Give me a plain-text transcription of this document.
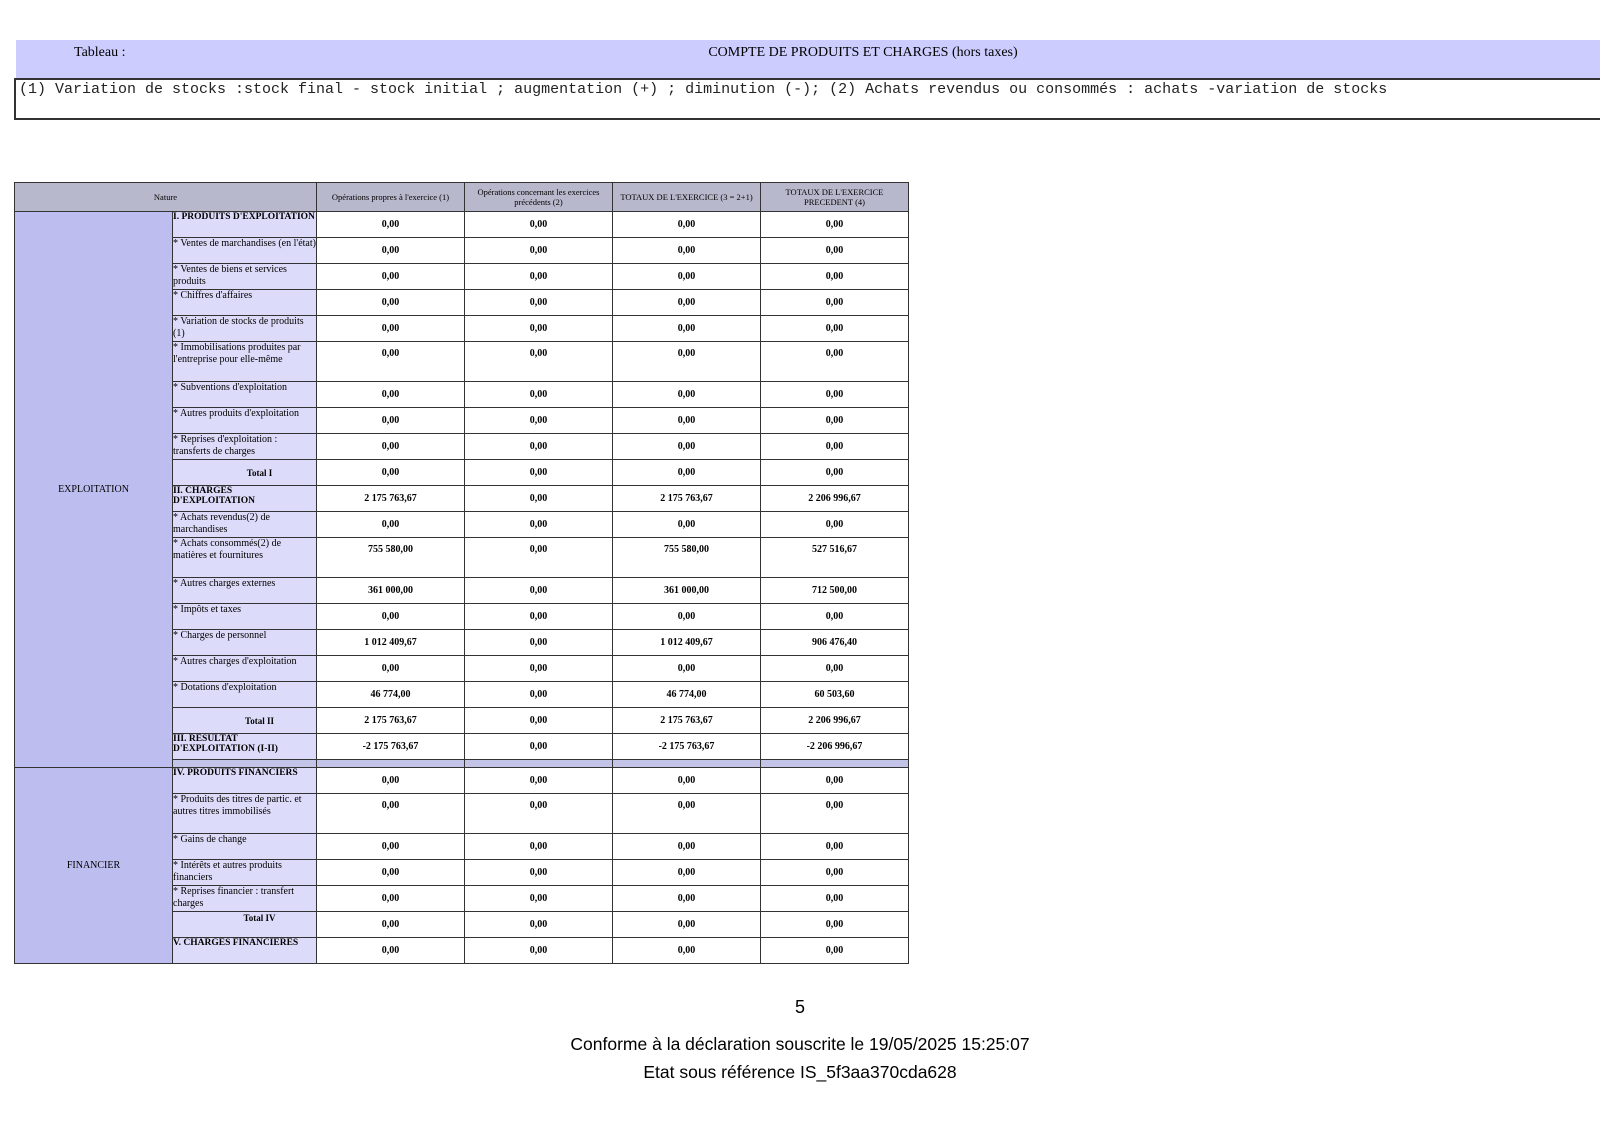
Tableau :	COMPTE DE PRODUITS ET CHARGES (hors taxes)
(1) Variation de stocks :stock final - stock initial ; augmentation (+) ; diminution (-); (2) Achats revendus ou consommés : achats -variation de stocks
Nature		Opérations propres à l'exercice (1)	Opérations concernant les exercices précédents (2)	TOTAUX DE L'EXERCICE (3 = 2+1)	TOTAUX DE L'EXERCICE PRECEDENT (4)
EXPLOITATION	I. PRODUITS D'EXPLOITATION	0,00	0,00	0,00	0,00
	* Ventes de marchandises (en l'état)	0,00	0,00	0,00	0,00
	* Ventes de biens et services produits	0,00	0,00	0,00	0,00
	* Chiffres d'affaires	0,00	0,00	0,00	0,00
	* Variation de stocks de produits (1)	0,00	0,00	0,00	0,00
	* Immobilisations produites par l'entreprise pour elle-même	0,00	0,00	0,00	0,00
	* Subventions d'exploitation	0,00	0,00	0,00	0,00
	* Autres produits d'exploitation	0,00	0,00	0,00	0,00
	* Reprises d'exploitation : transferts de charges	0,00	0,00	0,00	0,00
	Total I	0,00	0,00	0,00	0,00
	II. CHARGES D'EXPLOITATION	2 175 763,67	0,00	2 175 763,67	2 206 996,67
	* Achats revendus(2) de marchandises	0,00	0,00	0,00	0,00
	* Achats consommés(2) de matières et fournitures	755 580,00	0,00	755 580,00	527 516,67
	* Autres charges externes	361 000,00	0,00	361 000,00	712 500,00
	* Impôts et taxes	0,00	0,00	0,00	0,00
	* Charges de personnel	1 012 409,67	0,00	1 012 409,67	906 476,40
	* Autres charges d'exploitation	0,00	0,00	0,00	0,00
	* Dotations d'exploitation	46 774,00	0,00	46 774,00	60 503,60
	Total II	2 175 763,67	0,00	2 175 763,67	2 206 996,67
	III. RESULTAT D'EXPLOITATION (I-II)	-2 175 763,67	0,00	-2 175 763,67	-2 206 996,67

FINANCIER	IV. PRODUITS FINANCIERS	0,00	0,00	0,00	0,00
	* Produits des titres de partic. et autres titres immobilisés	0,00	0,00	0,00	0,00
	* Gains de change	0,00	0,00	0,00	0,00
	* Intérêts et autres produits financiers	0,00	0,00	0,00	0,00
	* Reprises financier : transfert charges	0,00	0,00	0,00	0,00
	Total IV	0,00	0,00	0,00	0,00
	V. CHARGES FINANCIERES	0,00	0,00	0,00	0,00
5
Conforme à la déclaration souscrite le 19/05/2025 15:25:07
Etat sous référence IS_5f3aa370cda628
